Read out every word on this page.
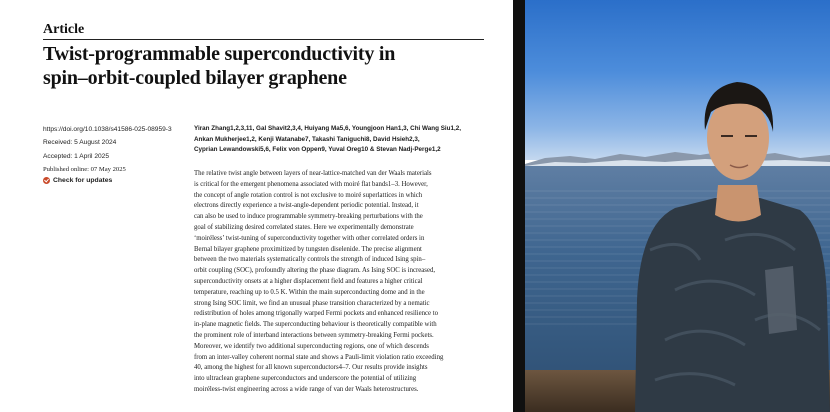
Article
Twist-programmable superconductivity in
spin–orbit-coupled bilayer graphene
https://doi.org/10.1038/s41586-025-08959-3
Received: 5 August 2024
Accepted: 1 April 2025
Published online: 07 May 2025
Check for updates
Yiran Zhang1,2,3,11, Gal Shavit2,3,4, Huiyang Ma5,6, Youngjoon Han1,3, Chi Wang Siu1,2,
Ankan Mukherjee1,2, Kenji Watanabe7, Takashi Taniguchi8, David Hsieh2,3,
Cyprian Lewandowski5,6, Felix von Oppen9, Yuval Oreg10 & Stevan Nadj-Perge1,2
The relative twist angle between layers of near-lattice-matched van der Waals materials
is critical for the emergent phenomena associated with moiré flat bands1–3. However,
the concept of angle rotation control is not exclusive to moiré superlattices in which
electrons directly experience a twist-angle-dependent periodic potential. Instead, it
can also be used to induce programmable symmetry-breaking perturbations with the
goal of stabilizing desired correlated states. Here we experimentally demonstrate
‘moiréless’ twist-tuning of superconductivity together with other correlated orders in
Bernal bilayer graphene proximitized by tungsten diselenide. The precise alignment
between the two materials systematically controls the strength of induced Ising spin–
orbit coupling (SOC), profoundly altering the phase diagram. As Ising SOC is increased,
superconductivity onsets at a higher displacement field and features a higher critical
temperature, reaching up to 0.5 K. Within the main superconducting dome and in the
strong Ising SOC limit, we find an unusual phase transition characterized by a nematic
redistribution of holes among trigonally warped Fermi pockets and enhanced resilience to
in-plane magnetic fields. The superconducting behaviour is theoretically compatible with
the prominent role of interband interactions between symmetry-breaking Fermi pockets.
Moreover, we identify two additional superconducting regions, one of which descends
from an inter-valley coherent normal state and shows a Pauli-limit violation ratio exceeding
40, among the highest for all known superconductors4–7. Our results provide insights
into ultraclean graphene superconductors and underscore the potential of utilizing
moiréless-twist engineering across a wide range of van der Waals heterostructures.
